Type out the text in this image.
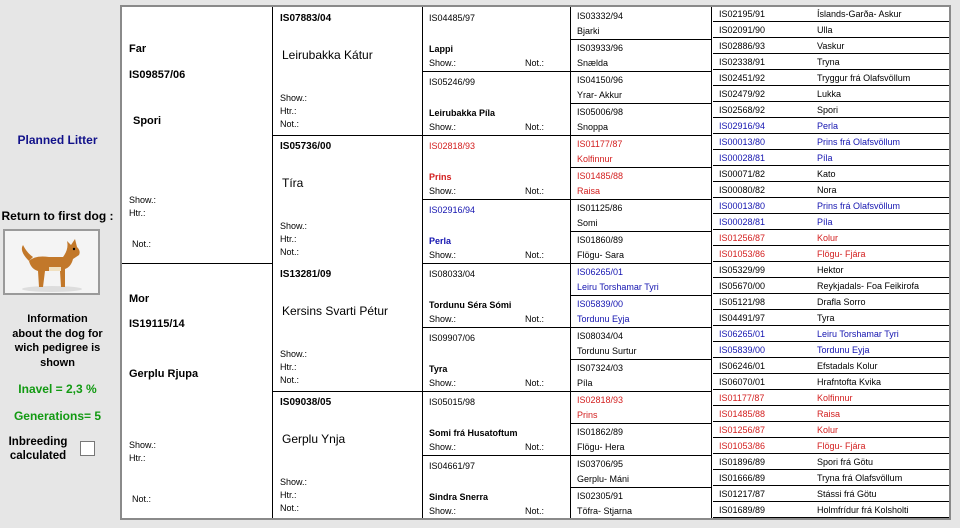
Planned Litter
Return to first dog :
Information
about the dog for
wich pedigree is
shown
Inavel = 2,3 %
Generations= 5
Inbreeding
calculated
Far
IS09857/06
Spori
Show.:
Htr.:
Not.:
Mor
IS19115/14
Gerplu Rjupa
Show.:
Htr.:
Not.:
IS02195/91	Íslands-Garða- Askur
IS02091/90	Ulla
IS02886/93	Vaskur
IS02338/91	Tryna
IS02451/92	Tryggur frá Olafsvöllum
IS02479/92	Lukka
IS02568/92	Spori
IS02916/94	Perla
IS00013/80	Prins frá Olafsvöllum
IS00028/81	Píla
IS00071/82	Kato
IS00080/82	Nora
IS00013/80	Prins frá Olafsvöllum
IS00028/81	Píla
IS01256/87	Kolur
IS01053/86	Flögu- Fjára
IS05329/99	Hektor
IS05670/00	Reykjadals- Foa Feikirofa
IS05121/98	Drafla Sorro
IS04491/97	Tyra
IS06265/01	Leiru Torshamar Tyri
IS05839/00	Tordunu Eyja
IS06246/01	Efstadals Kolur
IS06070/01	Hrafntofta Kvika
IS01177/87	Kolfinnur
IS01485/88	Raisa
IS01256/87	Kolur
IS01053/86	Flögu- Fjára
IS01896/89	Spori frá Götu
IS01666/89	Tryna frá Olafsvöllum
IS01217/87	Stássi frá Götu
IS01689/89	Holmfrídur frá Kolsholti
IS07883/04
Leirubakka Kátur
Show.:
Htr.:
Not.:
IS05736/00
Tíra
Show.:
Htr.:
Not.:
IS13281/09
Kersins Svarti Pétur
Show.:
Htr.:
Not.:
IS09038/05
Gerplu Ynja
Show.:
Htr.:
Not.:
IS04485/97
Lappi
Show.:	Not.:
IS05246/99
Leirubakka Píla
Show.:	Not.:
IS02818/93
Prins
Show.:	Not.:
IS02916/94
Perla
Show.:	Not.:
IS08033/04
Tordunu Séra Sómi
Show.:	Not.:
IS09907/06
Tyra
Show.:	Not.:
IS05015/98
Somi frá Husatoftum
Show.:	Not.:
IS04661/97
Sindra Snerra
Show.:	Not.:
IS03332/94
Bjarki
IS03933/96
Snælda
IS04150/96
Yrar- Akkur
IS05006/98
Snoppa
IS01177/87
Kolfinnur
IS01485/88
Raisa
IS01125/86
Somi
IS01860/89
Flögu- Sara
IS06265/01
Leiru Torshamar Tyri
IS05839/00
Tordunu Eyja
IS08034/04
Tordunu Surtur
IS07324/03
Píla
IS02818/93
Prins
IS01862/89
Flögu- Hera
IS03706/95
Gerplu- Máni
IS02305/91
Töfra- Stjarna
